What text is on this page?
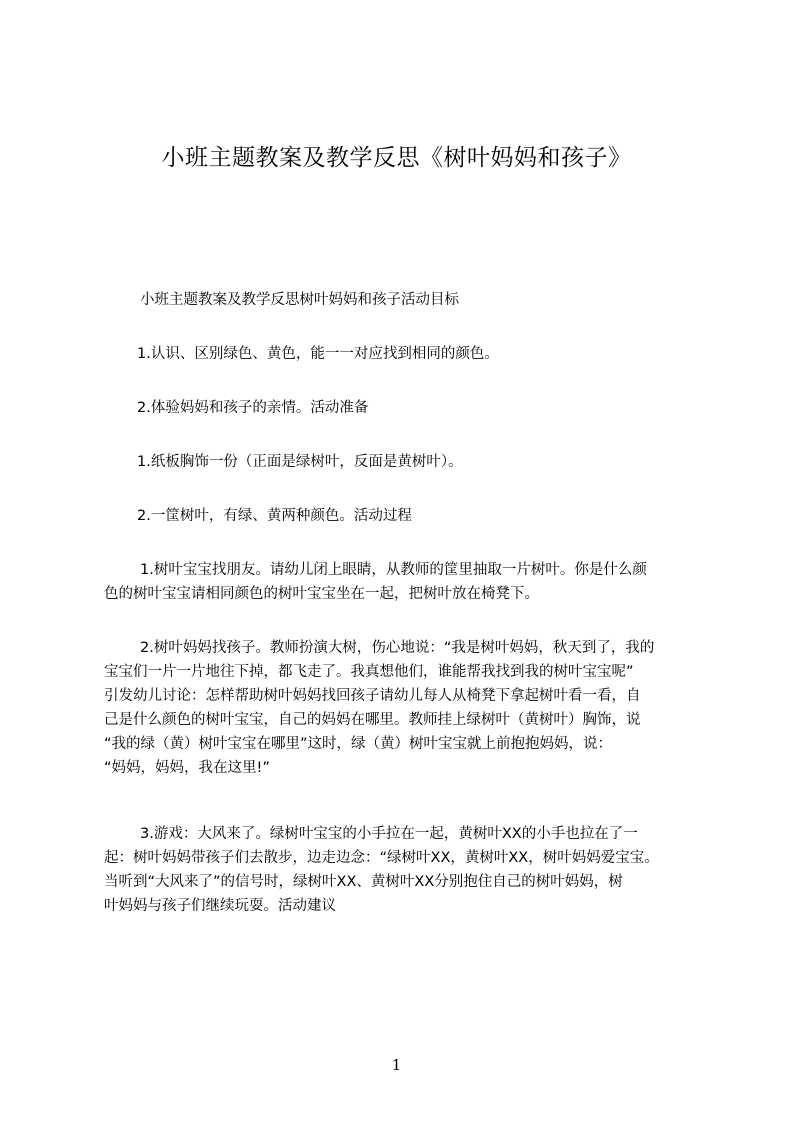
小班主题教案及教学反思《树叶妈妈和孩子》
小班主题教案及教学反思树叶妈妈和孩子活动目标
1.认识、区别绿色、黄色，能一一对应找到相同的颜色。
2.体验妈妈和孩子的亲情。活动准备
1.纸板胸饰一份（正面是绿树叶，反面是黄树叶）。
2.一筐树叶，有绿、黄两种颜色。活动过程
1.树叶宝宝找朋友。请幼儿闭上眼睛，从教师的筐里抽取一片树叶。你是什么颜
色的树叶宝宝请相同颜色的树叶宝宝坐在一起，把树叶放在椅凳下。
2.树叶妈妈找孩子。教师扮演大树，伤心地说：“我是树叶妈妈，秋天到了，我的
宝宝们一片一片地往下掉，都飞走了。我真想他们，谁能帮我找到我的树叶宝宝呢”
引发幼儿讨论：怎样帮助树叶妈妈找回孩子请幼儿每人从椅凳下拿起树叶看一看，自
己是什么颜色的树叶宝宝，自己的妈妈在哪里。教师挂上绿树叶（黄树叶）胸饰，说
“我的绿（黄）树叶宝宝在哪里”这时，绿（黄）树叶宝宝就上前抱抱妈妈，说：
“妈妈，妈妈，我在这里!”
3.游戏：大风来了。绿树叶宝宝的小手拉在一起，黄树叶XX的小手也拉在了一
起：树叶妈妈带孩子们去散步，边走边念：“绿树叶XX，黄树叶XX，树叶妈妈爱宝宝。
当听到“大风来了”的信号时，绿树叶XX、黄树叶XX分别抱住自己的树叶妈妈，树
叶妈妈与孩子们继续玩耍。活动建议
1
